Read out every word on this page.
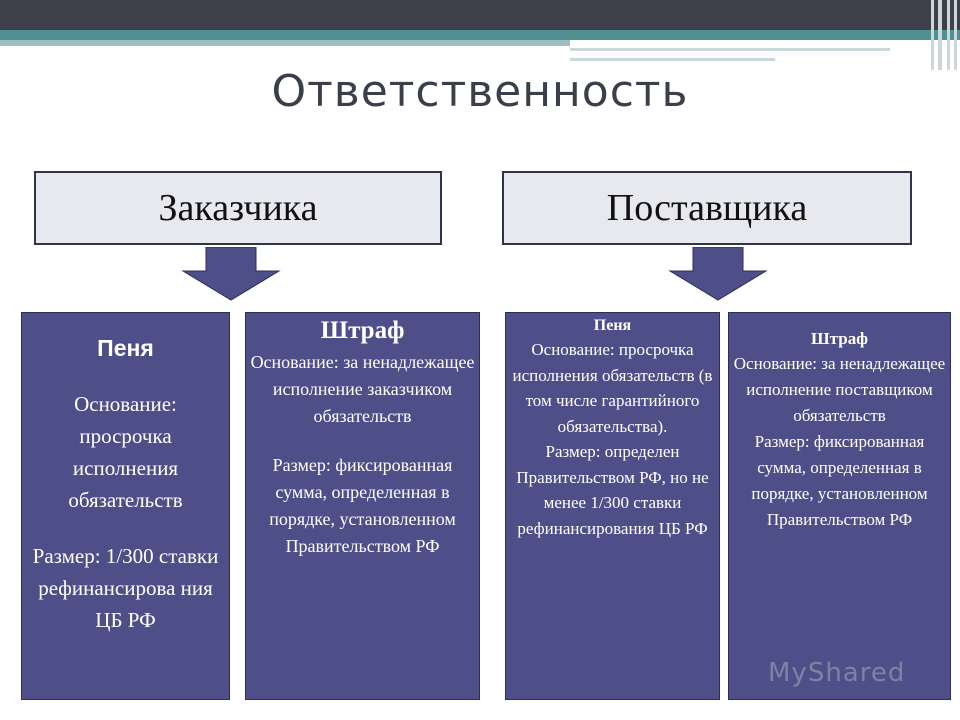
Ответственность
Заказчика	Поставщика
Пеня
Основание: просрочка исполнения обязательств
Размер: 1/300 ставки рефинансирова ния ЦБ РФ
Штраф
Основание: за ненадлежащее исполнение заказчиком обязательств
Размер: фиксированная сумма, определенная в порядке, установленном Правительством РФ
Пеня
Основание: просрочка исполнения обязательств (в том числе гарантийного обязательства).
Размер: определен Правительством РФ, но не менее 1/300 ставки рефинансирования ЦБ РФ
Штраф
Основание: за ненадлежащее исполнение поставщиком обязательств
Размер: фиксированная сумма, определенная в порядке, установленном Правительством РФ
MyShared
